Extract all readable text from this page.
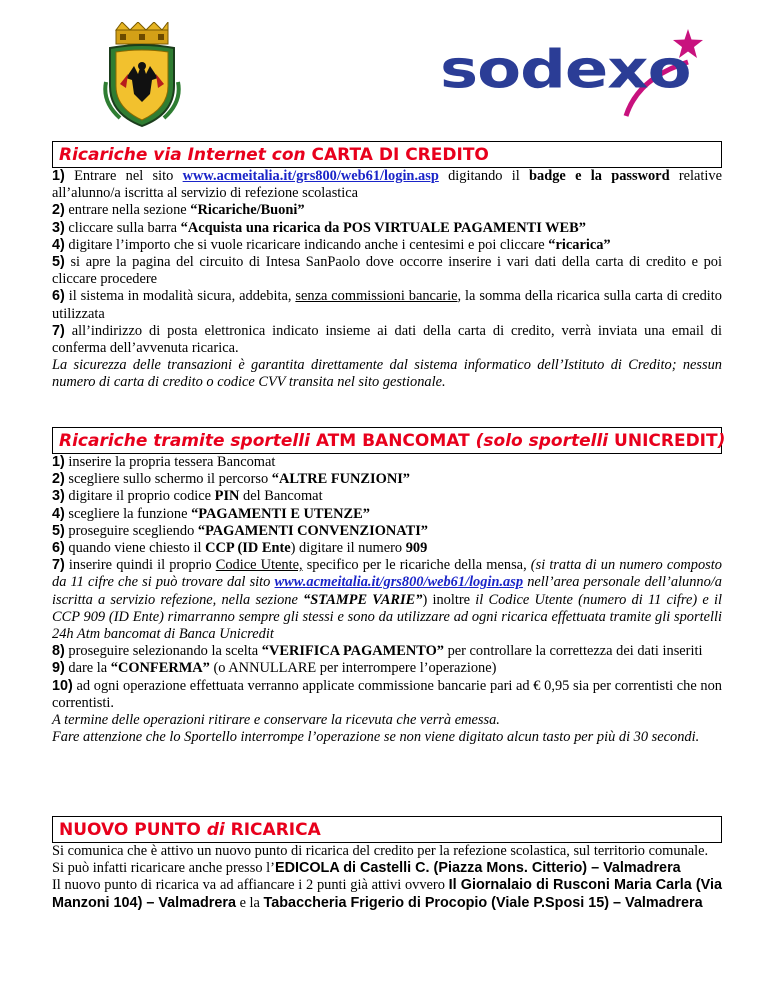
sodexo
Ricariche via Internet con CARTA DI CREDITO

1) Entrare nel sito www.acmeitalia.it/grs800/web61/login.asp digitando il badge e la password relative all’alunno/a iscritta al servizio di refezione scolastica

2) entrare nella sezione “Ricariche/Buoni”

3) cliccare sulla barra “Acquista una ricarica da POS VIRTUALE PAGAMENTI WEB”

4) digitare l’importo che si vuole ricaricare indicando anche i centesimi e poi cliccare “ricarica”

5) si apre la pagina del circuito di Intesa SanPaolo dove occorre inserire i vari dati della carta di credito e poi cliccare procedere

6) il sistema in modalità sicura, addebita, senza commissioni bancarie, la somma della ricarica sulla carta di credito utilizzata

7) all’indirizzo di posta elettronica indicato insieme ai dati della carta di credito, verrà inviata una email di conferma dell’avvenuta ricarica.

La sicurezza delle transazioni è garantita direttamente dal sistema informatico dell’Istituto di Credito; nessun numero di carta di credito o codice CVV transita nel sito gestionale.

Ricariche tramite sportelli ATM BANCOMAT (solo sportelli UNICREDIT)

1) inserire la propria tessera Bancomat

2) scegliere sullo schermo il percorso “ALTRE FUNZIONI”

3) digitare il proprio codice PIN del Bancomat

4) scegliere la funzione “PAGAMENTI E UTENZE”

5) proseguire scegliendo “PAGAMENTI CONVENZIONATI”

6) quando viene chiesto il CCP (ID Ente) digitare il numero 909

7) inserire quindi il proprio Codice Utente, specifico per le ricariche della mensa, (si tratta di un numero composto da 11 cifre che si può trovare dal sito www.acmeitalia.it/grs800/web61/login.asp nell’area personale dell’alunno/a iscritta a servizio refezione, nella sezione “STAMPE VARIE”) inoltre il Codice Utente (numero di 11 cifre) e il CCP 909 (ID Ente) rimarranno sempre gli stessi e sono da utilizzare ad ogni ricarica effettuata tramite gli sportelli 24h Atm bancomat di Banca Unicredit

8) proseguire selezionando la scelta “VERIFICA PAGAMENTO” per controllare la correttezza dei dati inseriti

9) dare la “CONFERMA” (o ANNULLARE per interrompere l’operazione)

10) ad ogni operazione effettuata verranno applicate commissione bancarie pari ad € 0,95 sia per correntisti che non correntisti.

A termine delle operazioni ritirare e conservare la ricevuta che verrà emessa.

Fare attenzione che lo Sportello interrompe l’operazione se non viene digitato alcun tasto per più di 30 secondi.

NUOVO PUNTO di RICARICA

Si comunica che è attivo un nuovo punto di ricarica del credito per la refezione scolastica, sul territorio comunale.

Si può infatti ricaricare anche presso l’EDICOLA di Castelli C. (Piazza Mons. Citterio) – Valmadrera

Il nuovo punto di ricarica va ad affiancare i 2 punti già attivi ovvero Il Giornalaio di Rusconi Maria Carla (Via Manzoni 104) – Valmadrera e la Tabaccheria Frigerio di Procopio (Viale P.Sposi 15) – Valmadrera
